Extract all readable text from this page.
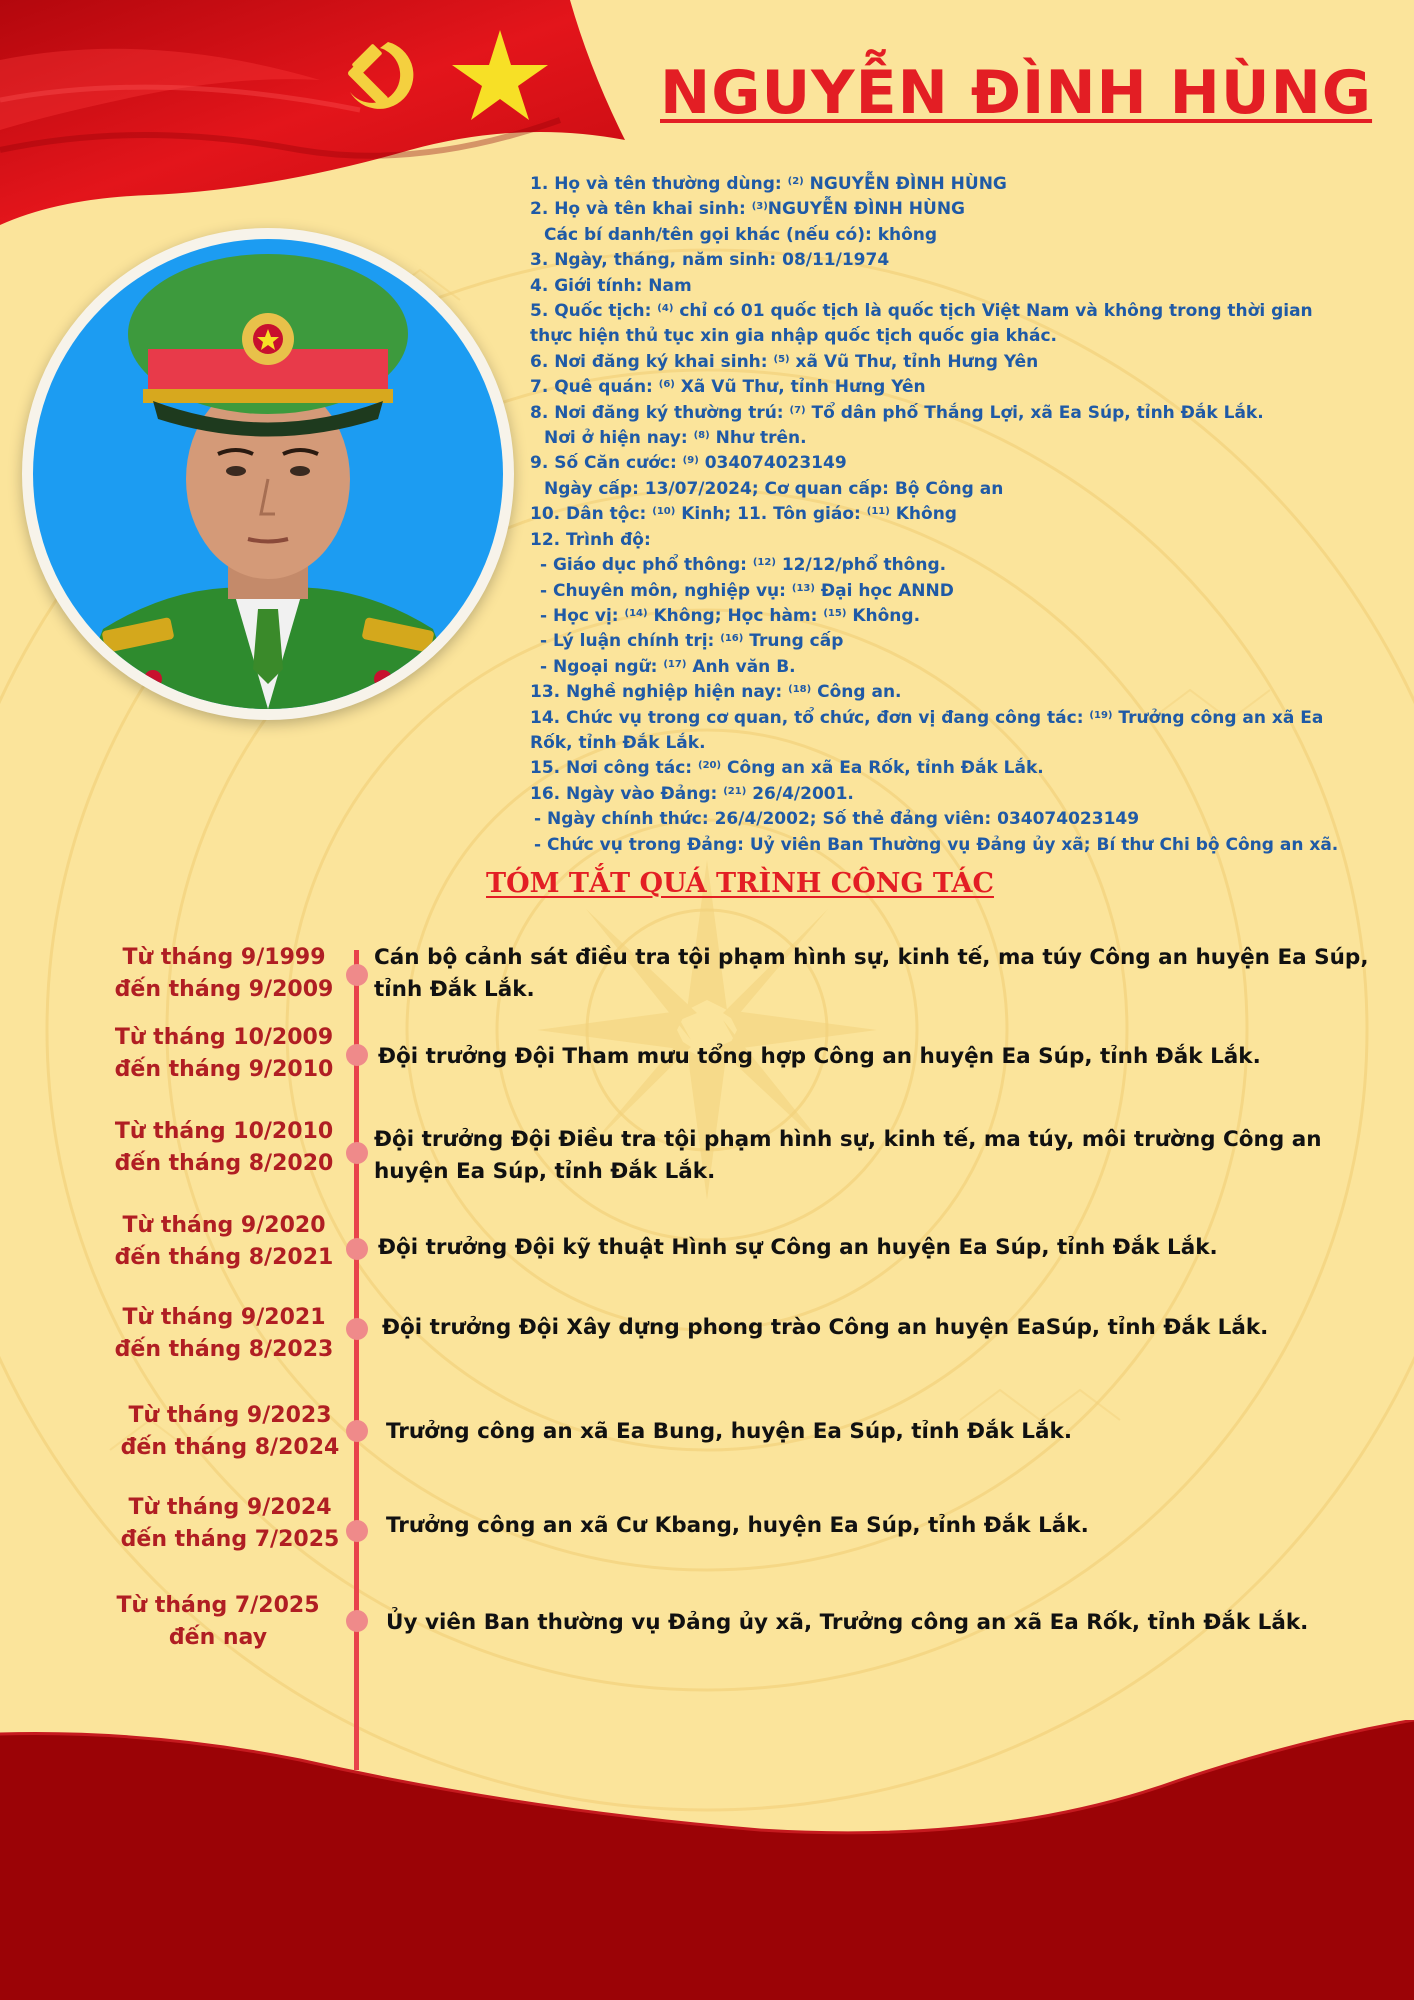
NGUYỄN ĐÌNH HÙNG
1. Họ và tên thường dùng: $^{(2)}$ NGUYỄN ĐÌNH HÙNG
2. Họ và tên khai sinh: $^{(3)}$NGUYỄN ĐÌNH HÙNG
Các bí danh/tên gọi khác (nếu có): không
3. Ngày, tháng, năm sinh: 08/11/1974
4. Giới tính: Nam
5. Quốc tịch: $^{(4)}$ chỉ có 01 quốc tịch là quốc tịch Việt Nam và không trong thời gian thực hiện thủ tục xin gia nhập quốc tịch quốc gia khác.
6. Nơi đăng ký khai sinh: $^{(5)}$ xã Vũ Thư, tỉnh Hưng Yên
7. Quê quán: $^{(6)}$ Xã Vũ Thư, tỉnh Hưng Yên
8. Nơi đăng ký thường trú: $^{(7)}$ Tổ dân phố Thắng Lợi, xã Ea Súp, tỉnh Đắk Lắk.
Nơi ở hiện nay: $^{(8)}$ Như trên.
9. Số Căn cước: $^{(9)}$ 034074023149
Ngày cấp: 13/07/2024; Cơ quan cấp: Bộ Công an
10. Dân tộc: $^{(10)}$ Kinh; 11. Tôn giáo: $^{(11)}$ Không
12. Trình độ:
- Giáo dục phổ thông: $^{(12)}$ 12/12/phổ thông.
- Chuyên môn, nghiệp vụ: $^{(13)}$ Đại học ANND
- Học vị: $^{(14)}$ Không; Học hàm: $^{(15)}$ Không.
- Lý luận chính trị: $^{(16)}$ Trung cấp
- Ngoại ngữ: $^{(17)}$ Anh văn B.
13. Nghề nghiệp hiện nay: $^{(18)}$ Công an.
14. Chức vụ trong cơ quan, tổ chức, đơn vị đang công tác: $^{(19)}$ Trưởng công an xã Ea Rốk, tỉnh Đắk Lắk.
15. Nơi công tác: $^{(20)}$ Công an xã Ea Rốk, tỉnh Đắk Lắk.
16. Ngày vào Đảng: $^{(21)}$ 26/4/2001.
- Ngày chính thức: 26/4/2002; Số thẻ đảng viên: 034074023149
- Chức vụ trong Đảng: Uỷ viên Ban Thường vụ Đảng ủy xã; Bí thư Chi bộ Công an xã.
TÓM TẮT QUÁ TRÌNH CÔNG TÁC
Từ tháng 9/1999
đến tháng 9/2009
Cán bộ cảnh sát điều tra tội phạm hình sự, kinh tế, ma túy Công an huyện Ea Súp, tỉnh Đắk Lắk.
Từ tháng 10/2009
đến tháng 9/2010
Đội trưởng Đội Tham mưu tổng hợp Công an huyện Ea Súp, tỉnh Đắk Lắk.
Từ tháng 10/2010
đến tháng 8/2020
Đội trưởng Đội Điều tra tội phạm hình sự, kinh tế, ma túy, môi trường Công an huyện Ea Súp, tỉnh Đắk Lắk.
Từ tháng 9/2020
đến tháng 8/2021	Đội trưởng Đội kỹ thuật Hình sự Công an huyện Ea Súp, tỉnh Đắk Lắk.
Từ tháng 9/2021
đến tháng 8/2023
Đội trưởng Đội Xây dựng phong trào Công an huyện EaSúp, tỉnh Đắk Lắk.
Từ tháng 9/2023
đến tháng 8/2024
Trưởng công an xã Ea Bung, huyện Ea Súp, tỉnh Đắk Lắk.
Từ tháng 9/2024
đến tháng 7/2025
Trưởng công an xã Cư Kbang, huyện Ea Súp, tỉnh Đắk Lắk.
Từ tháng 7/2025
đến nay
Ủy viên Ban thường vụ Đảng ủy xã, Trưởng công an xã Ea Rốk, tỉnh Đắk Lắk.
